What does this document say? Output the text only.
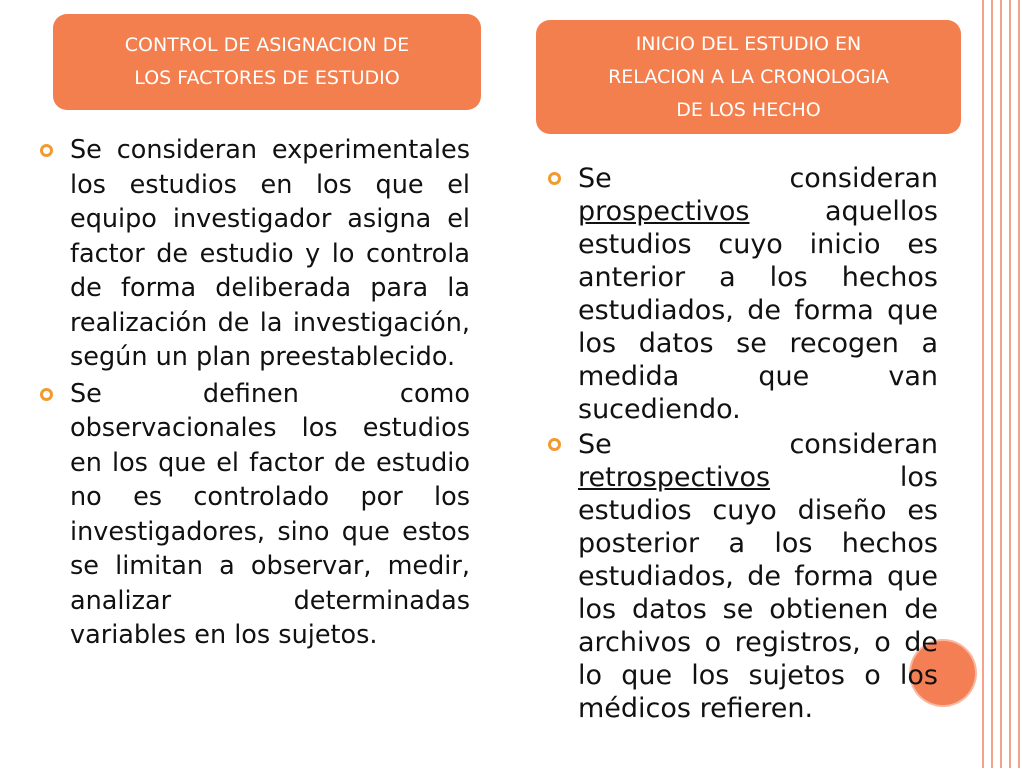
CONTROL DE ASIGNACION DE
LOS FACTORES DE ESTUDIO
INICIO DEL ESTUDIO EN
RELACION A LA CRONOLOGIA
DE LOS HECHO
Se consideran experimentales los estudios en los que el equipo investigador asigna el factor de estudio y lo controla de forma deliberada para la realización de la investigación, según un plan preestablecido.
Se definen como observacionales los estudios en los que el factor de estudio no es controlado por los investigadores, sino que estos se limitan a observar, medir, analizar determinadas variables en los sujetos.
Se consideran prospectivos aquellos estudios cuyo inicio es anterior a los hechos estudiados, de forma que los datos se recogen a medida que van sucediendo.
Se consideran retrospectivos los estudios cuyo diseño es posterior a los hechos estudiados, de forma que los datos se obtienen de archivos o registros, o de lo que los sujetos o los médicos refieren.
